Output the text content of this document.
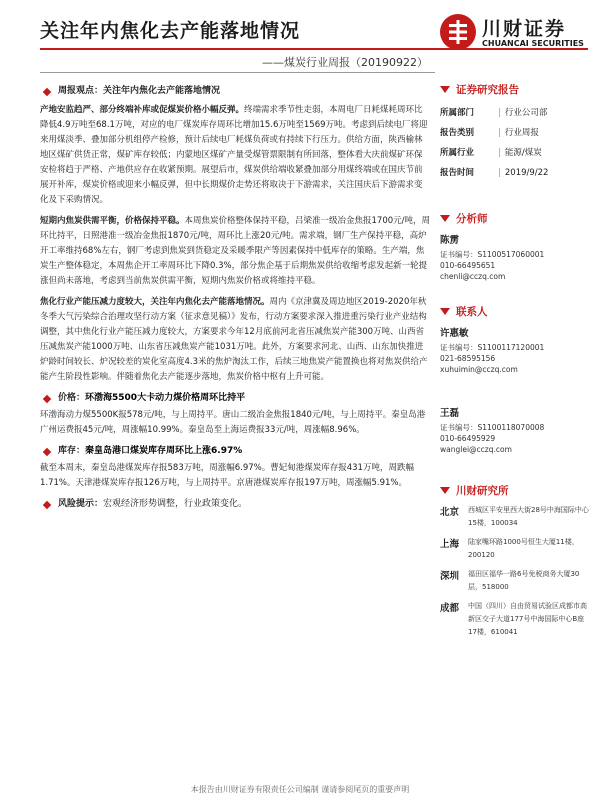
关注年内焦化去产能落地情况
——煤炭行业周报（20190922）
川财证券
CHUANCAI SECURITIES
周报观点：关注年内焦化去产能落地情况

产地安监趋严、部分终端补库或促煤炭价格小幅反弹。终端需求季节性走弱，本周电厂日耗煤耗周环比降低4.9万吨至68.1万吨，对应的电厂煤炭库存周环比增加15.6万吨至1569万吨。考虑到后续电厂将迎来用煤淡季、叠加部分机组停产检修，预计后续电厂耗煤负荷或有持续下行压力。供给方面，陕西榆林地区煤矿供货正常，煤矿库存较低；内蒙地区煤矿产量受煤管票限制有所回落，整体看大庆前煤矿环保安检将趋于严格、产地供应存在收紧预期。展望后市，煤炭供给端收紧叠加部分用煤终端或在国庆节前展开补库，煤炭价格或迎来小幅反弹，但中长期煤价走势还将取决于下游需求，关注国庆后下游需求变化及下采购情况。

短期内焦炭供需平衡，价格保持平稳。本周焦炭价格整体保持平稳，吕梁准一级冶金焦报1700元/吨，周环比持平，日照港准一级冶金焦报1870元/吨，周环比上涨20元/吨。需求端，钢厂生产保持平稳，高炉开工率维持68%左右，钢厂考虑到焦炭到货稳定及采暖季限产等因素保持中低库存的策略。生产端，焦炭生产整体稳定，本周焦企开工率周环比下降0.3%，部分焦企基于后期焦炭供给收缩考虑发起新一轮提涨但尚未落地，考虑到当前焦炭供需平衡，短期内焦炭价格或将维持平稳。

焦化行业产能压减力度较大，关注年内焦化去产能落地情况。周内《京津冀及周边地区2019-2020年秋冬季大气污染综合治理攻坚行动方案（征求意见稿）》发布，行动方案要求深入推进重污染行业产业结构调整，其中焦化行业产能压减力度较大，方案要求今年12月底前河北省压减焦炭产能300万吨、山西省压减焦炭产能1000万吨、山东省压减焦炭产能1031万吨。此外，方案要求河北、山西、山东加快推进炉龄时间较长、炉况较差的炭化室高度4.3米的焦炉淘汰工作，后续三地焦炭产能置换也将对焦炭供给产能产生阶段性影响。伴随着焦化去产能逐步落地，焦炭价格中枢有上升可能。

价格： 环渤海5500大卡动力煤价格周环比持平

环渤海动力煤5500K报578元/吨，与上周持平。唐山二级冶金焦报1840元/吨，与上周持平。秦皇岛港广州运费报45元/吨，周涨幅10.99%。秦皇岛至上海运费报33元/吨，周涨幅8.96%。

库存： 秦皇岛港口煤炭库存周环比上涨6.97%

截至本周末，秦皇岛港煤炭库存报583万吨，周涨幅6.97%。曹妃甸港煤炭库存报431万吨，周跌幅1.71%。天津港煤炭库存报126万吨，与上周持平。京唐港煤炭库存报197万吨，周涨幅5.91%。

风险提示： 宏观经济形势调整，行业政策变化。
证券研究报告
所属部门	| 行业公司部
报告类别	| 行业周报
所属行业	| 能源/煤炭
报告时间	| 2019/9/22
分析师
陈雳
证书编号：S1100517060001
010-66495651
chenli@cczq.com
联系人
许惠敏
证书编号：S1100117120001
021-68595156
xuhuimin@cczq.com
王磊
证书编号：S1100118070008
010-66495929
wanglei@cczq.com
川财研究所
北京	西城区平安里西大街28号中海国际中心15楼，100034
上海	陆家嘴环路1000号恒生大厦11楼，200120
深圳	福田区福华一路6号免税商务大厦30层，518000
成都	中国（四川）自由贸易试验区成都市高新区交子大道177号中海国际中心B座17楼，610041
本报告由川财证券有限责任公司编制 谨请参阅尾页的重要声明
